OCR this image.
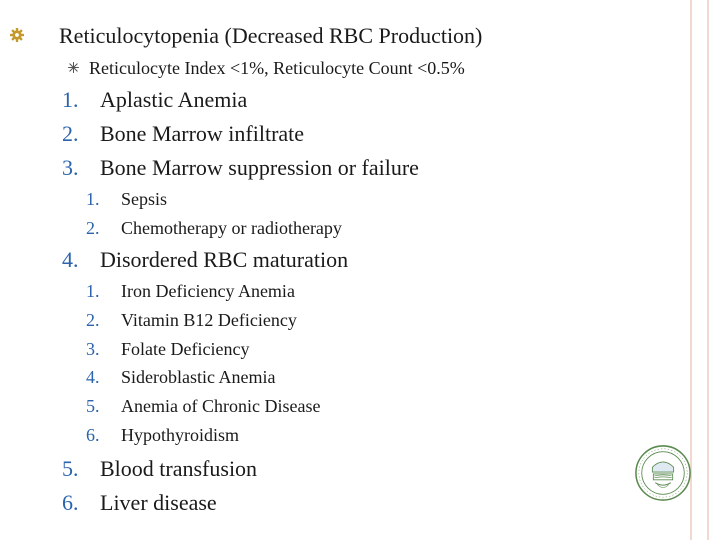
Reticulocytopenia (Decreased RBC Production)
Reticulocyte Index <1%, Reticulocyte Count <0.5%
1. Aplastic Anemia
2. Bone Marrow infiltrate
3. Bone Marrow suppression or failure
1.	Sepsis
2.	Chemotherapy or radiotherapy
4. Disordered RBC maturation
1.	Iron Deficiency Anemia
2.	Vitamin B12 Deficiency
3.	Folate Deficiency
4.	Sideroblastic Anemia
5.	Anemia of Chronic Disease
6.	Hypothyroidism
5. Blood transfusion
6. Liver disease
